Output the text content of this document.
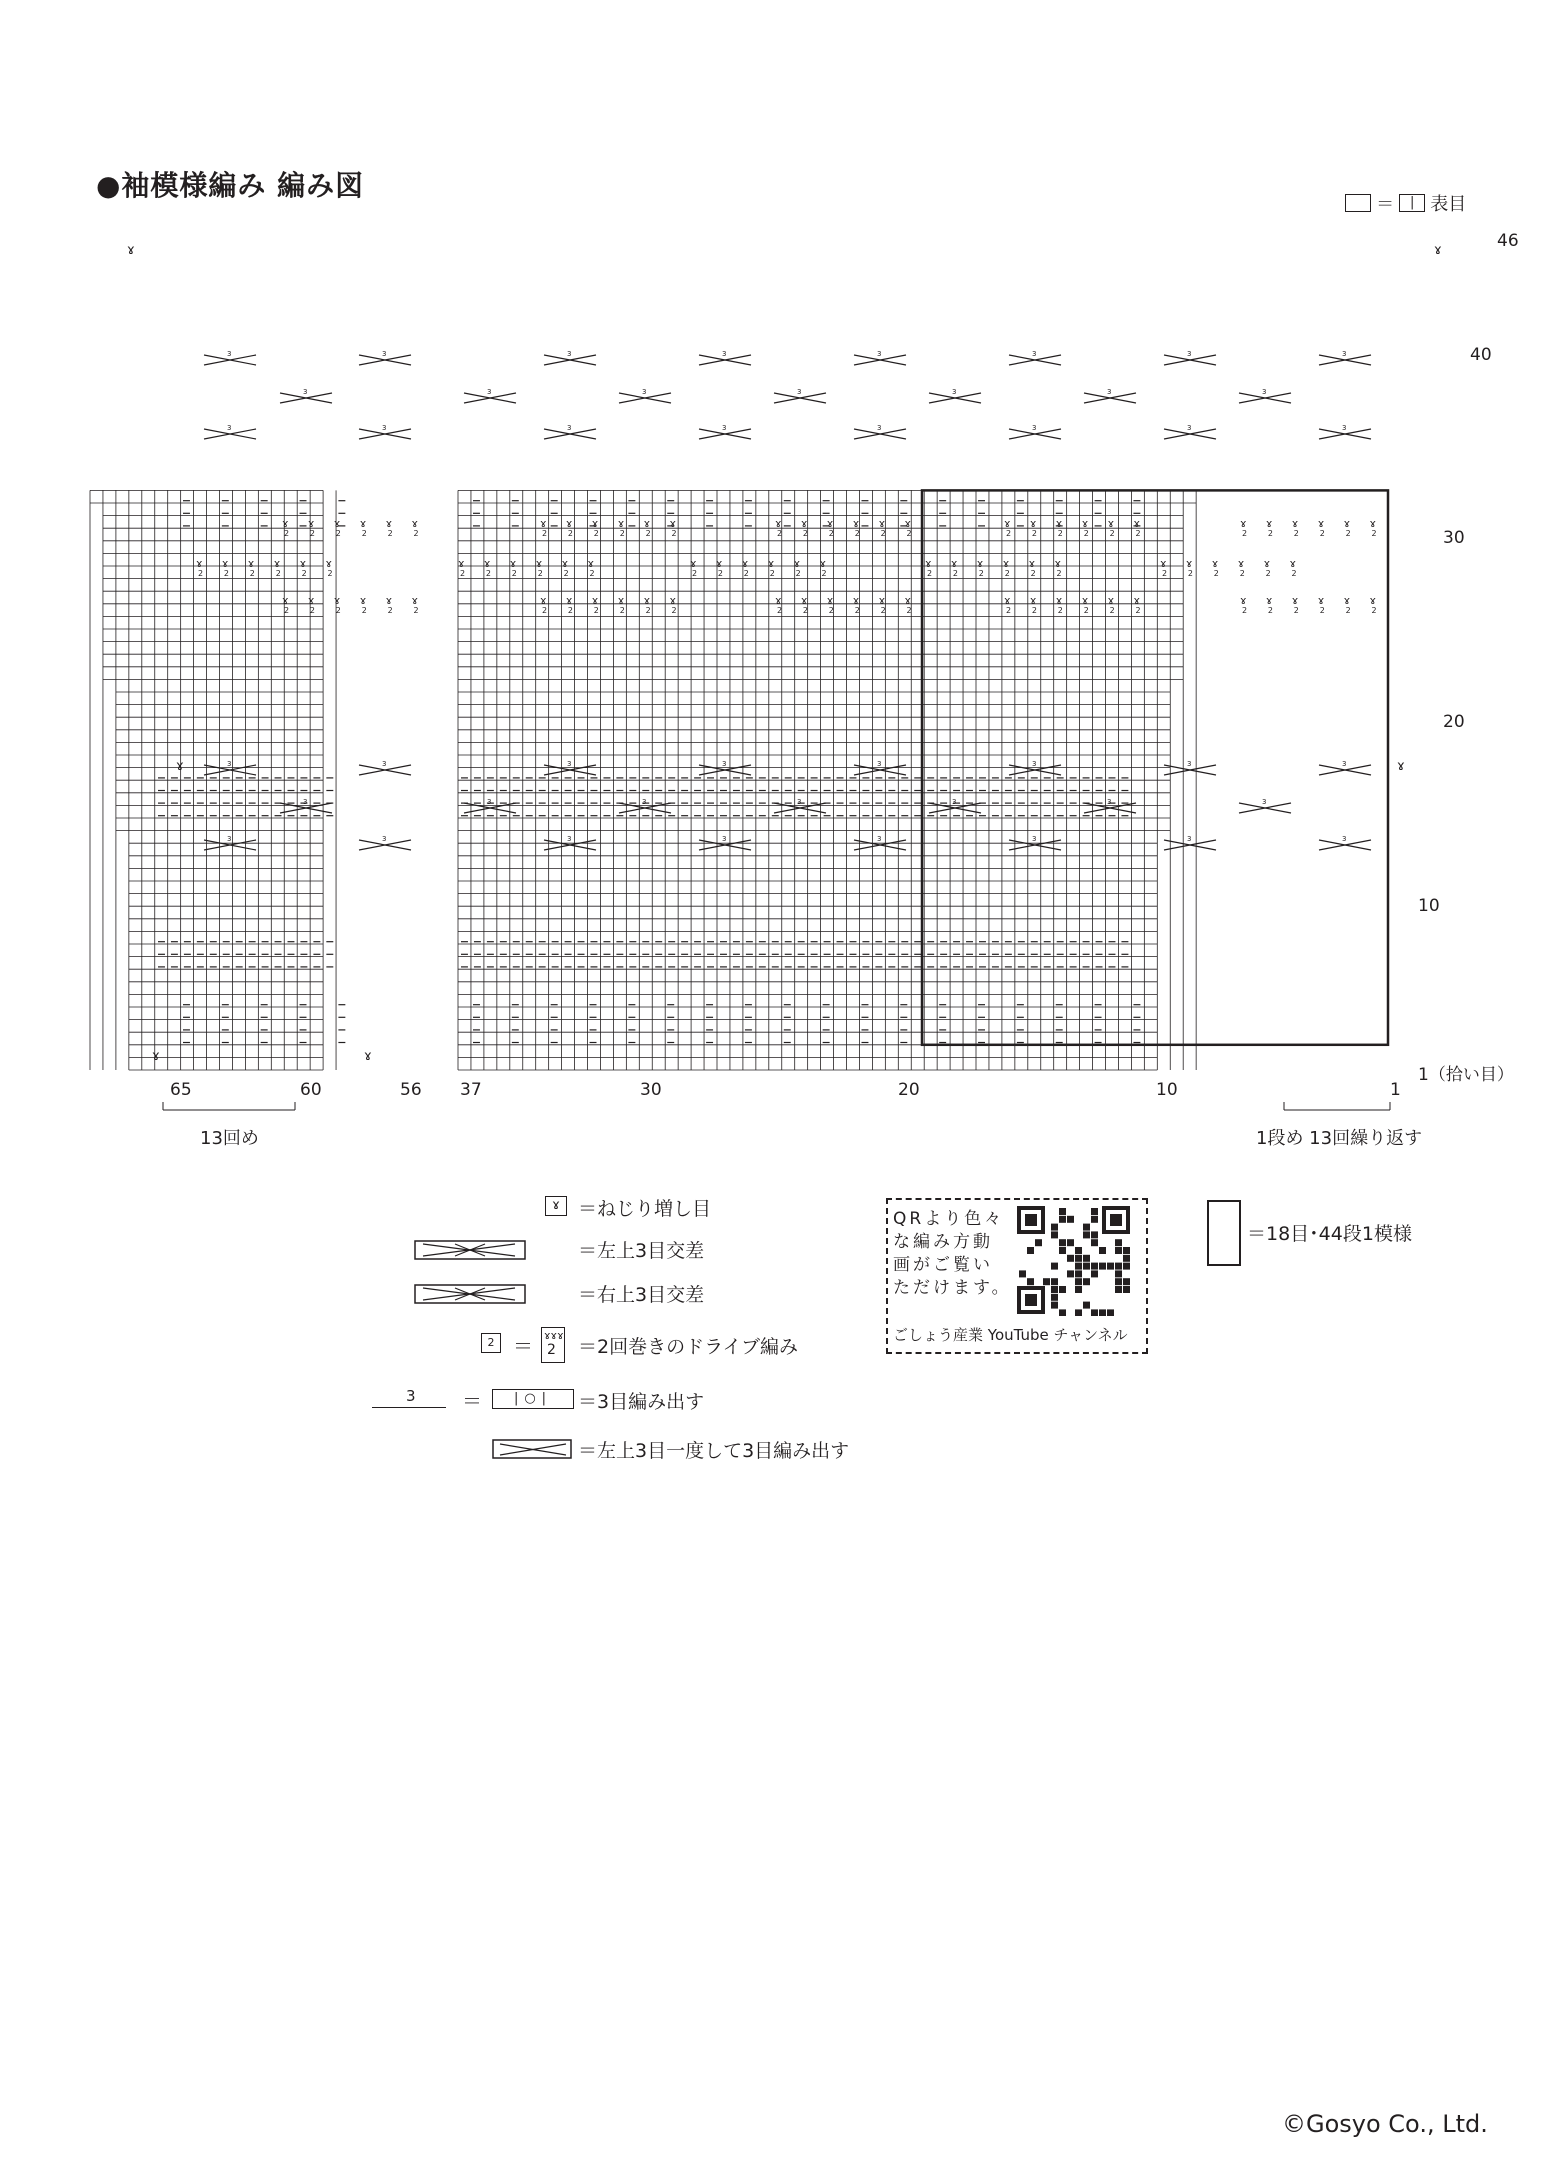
●袖模様編み 編み図
＝ | 表目
3	3	3	3	3	3	3	3
3	3	3	3	3	3	3
3	3	3	3	3	3	3	3
3	3	3	3	3	3	3	3
3	3	3	3	3	3	3
3	3	3	3	3	3	3	3
ɤ
ɤ
ɤ
ɤ
ɤ
ɤ
ɤ
2
ɤ
2
ɤ
2
ɤ
2
ɤ
2
ɤ
2
ɤ
2
ɤ
2
ɤ
2
ɤ
2
ɤ
2
ɤ
2
ɤ
2
ɤ
2
ɤ
2
ɤ
2
ɤ
2
ɤ
2
ɤ
2
ɤ
2
ɤ
2
ɤ
2
ɤ
2
ɤ
2
ɤ
2
ɤ
2
ɤ
2
ɤ
2
ɤ
2
ɤ
2
ɤ
2
ɤ
2
ɤ
2
ɤ
2
ɤ
2
ɤ
2
ɤ
2
ɤ
2
ɤ
2
ɤ
2
ɤ
2
ɤ
2
ɤ
2
ɤ
2
ɤ
2
ɤ
2
ɤ
2
ɤ
2
ɤ
2
ɤ
2
ɤ
2
ɤ
2
ɤ
2
ɤ
2
ɤ
2
ɤ
2
ɤ
2
ɤ
2
ɤ
2
ɤ
2
ɤ
2
ɤ
2
ɤ
2
ɤ
2
ɤ
2
ɤ
2
ɤ
2
ɤ
2
ɤ
2
ɤ
2
ɤ
2
ɤ
2
ɤ
2
ɤ
2
ɤ
2
ɤ
2
ɤ
2
ɤ
2
ɤ
2
ɤ
2
ɤ
2
ɤ
2
ɤ
2
ɤ
2
ɤ
2
ɤ
2
ɤ
2
ɤ
2
ɤ
2
ɤ
2
46
40
30
20
10
1（拾い目）
65	60	56 37	30	20	10	1
13回め	1段め 13回繰り返す
＝ねじり増し目
＝左上3目交差
＝右上3目交差
＝2回巻きのドライブ編み
＝3目編み出す
＝左上3目一度して3目編み出す
ɤ
2 ＝ ɤɤɤ
2
3 ＝	|○|
QRより色々
な編み方動
画がご覧い
ただけます。
ごしょう産業 YouTube チャンネル
＝18目･44段1模様
©Gosyo Co., Ltd.
